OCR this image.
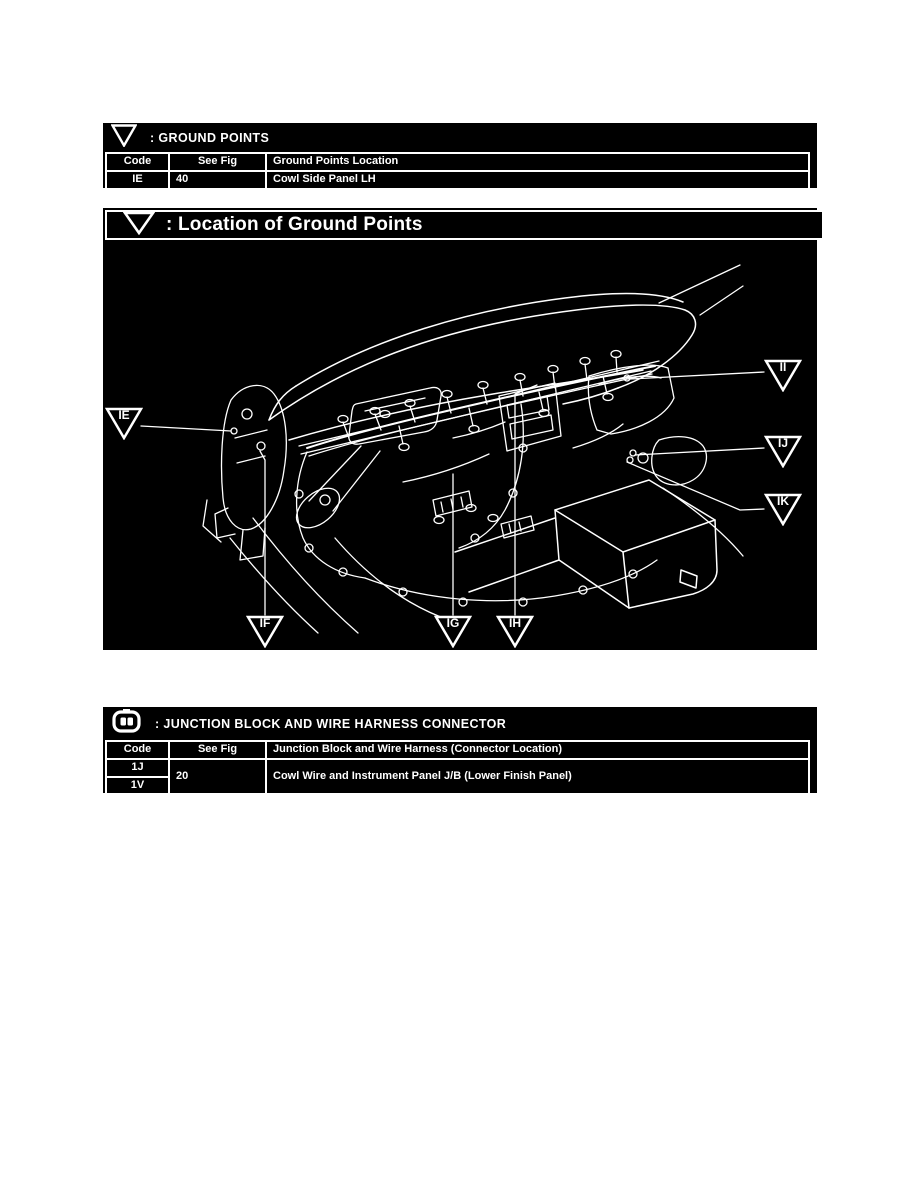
: GROUND POINTS
Code	See Fig	Ground Points Location
IE	40	Cowl Side Panel LH
: Location of Ground Points
IE
II
IJ
IK
IF	IG	IH
: JUNCTION BLOCK AND WIRE HARNESS CONNECTOR
Code	See Fig	Junction Block and Wire Harness (Connector Location)
1J	20	Cowl Wire and Instrument Panel J/B (Lower Finish Panel)
1V		
